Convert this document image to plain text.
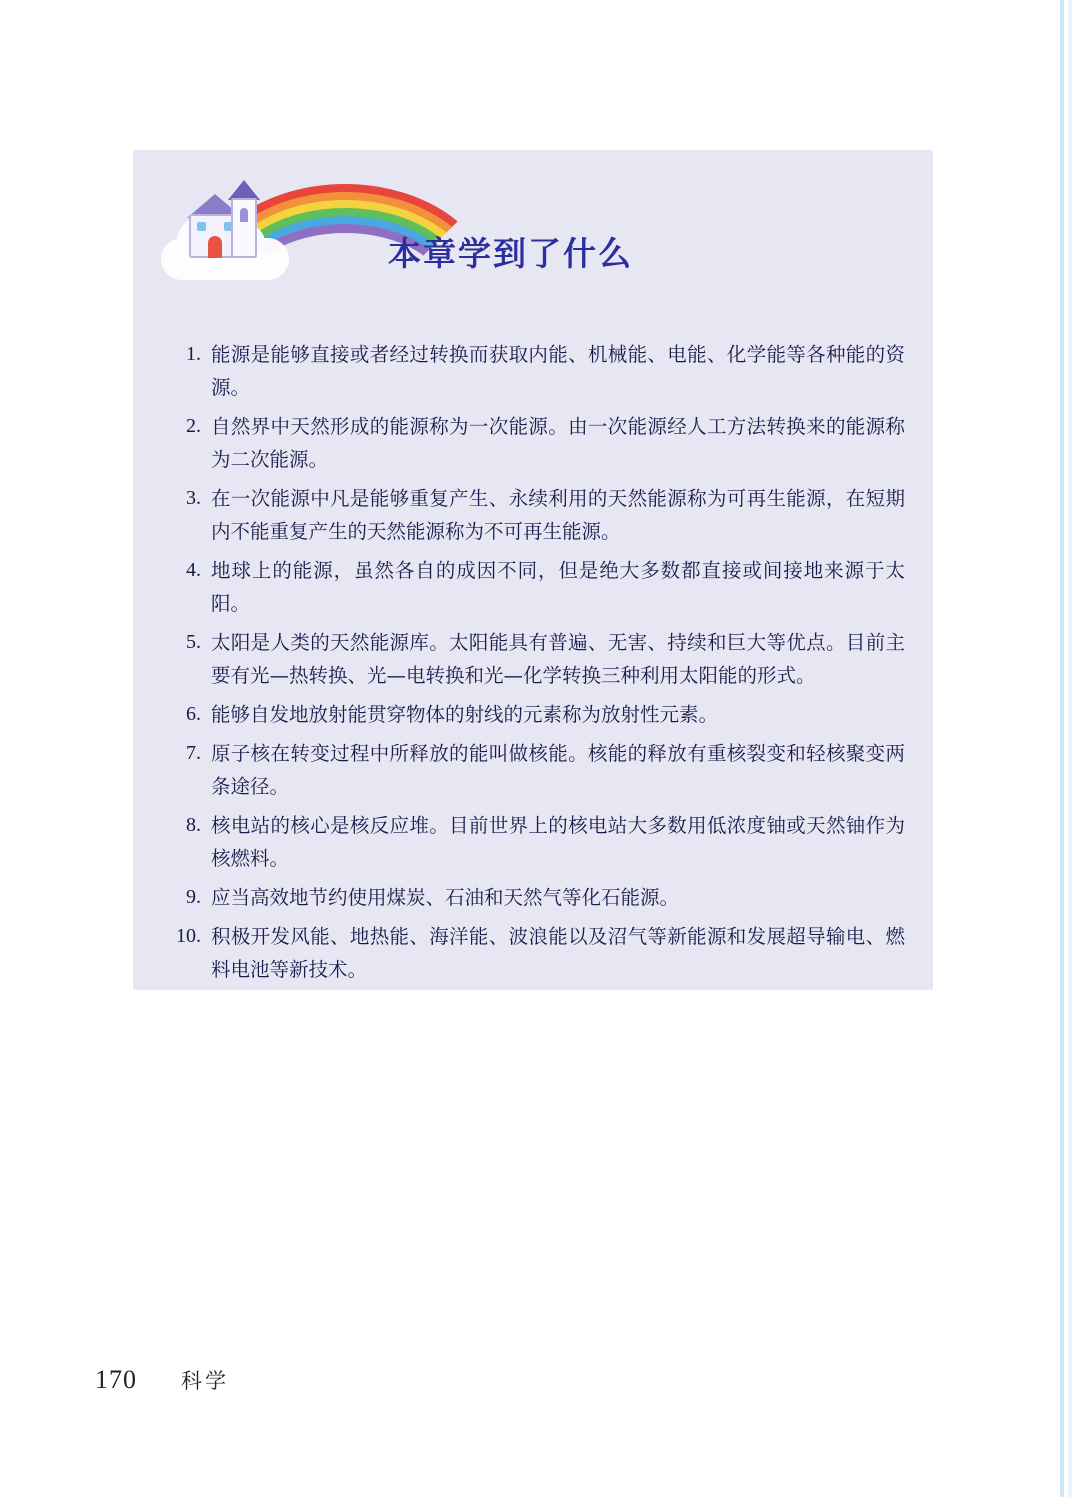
本章学到了什么
1. 能源是能够直接或者经过转换而获取内能、机械能、电能、化学能等各种能的资源。
2. 自然界中天然形成的能源称为一次能源。由一次能源经人工方法转换来的能源称为二次能源。
3. 在一次能源中凡是能够重复产生、永续利用的天然能源称为可再生能源，在短期内不能重复产生的天然能源称为不可再生能源。
4. 地球上的能源，虽然各自的成因不同，但是绝大多数都直接或间接地来源于太阳。
5. 太阳是人类的天然能源库。太阳能具有普遍、无害、持续和巨大等优点。目前主要有光—热转换、光—电转换和光—化学转换三种利用太阳能的形式。
6. 能够自发地放射能贯穿物体的射线的元素称为放射性元素。
7. 原子核在转变过程中所释放的能叫做核能。核能的释放有重核裂变和轻核聚变两条途径。
8. 核电站的核心是核反应堆。目前世界上的核电站大多数用低浓度铀或天然铀作为核燃料。
9. 应当高效地节约使用煤炭、石油和天然气等化石能源。
10. 积极开发风能、地热能、海洋能、波浪能以及沼气等新能源和发展超导输电、燃料电池等新技术。
170 科学
